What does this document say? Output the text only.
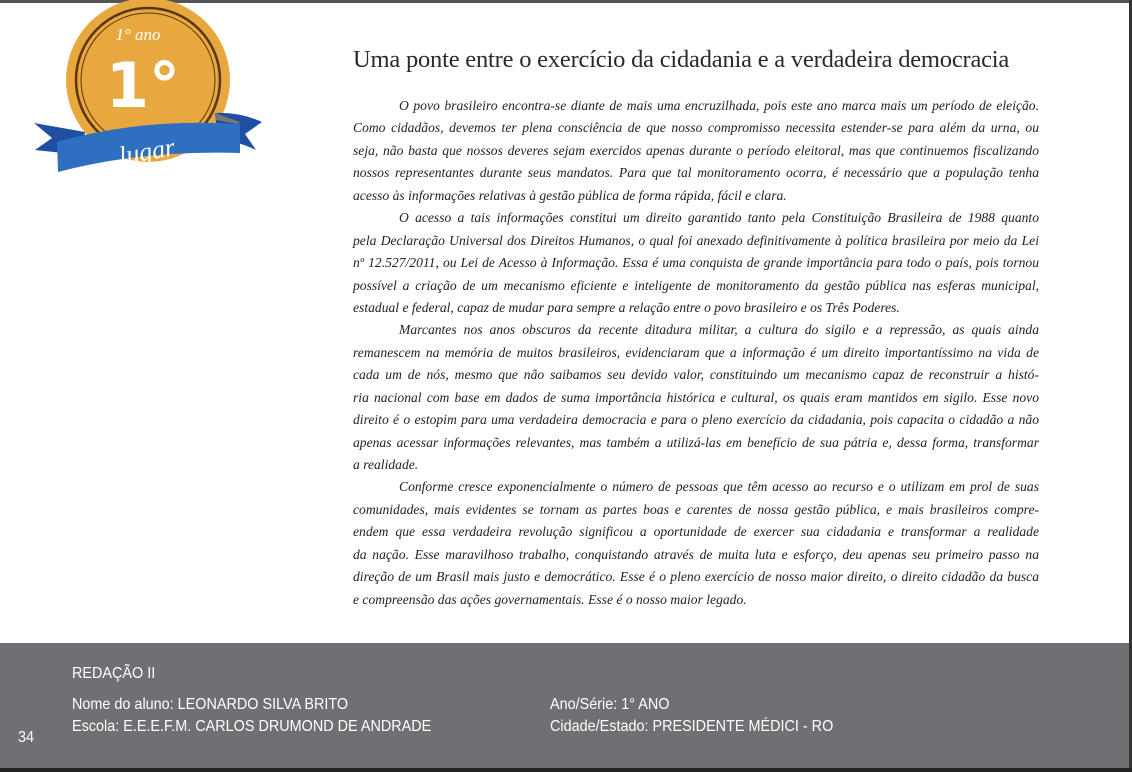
1° ano
1°
lugar
Uma ponte entre o exercício da cidadania e a verdadeira democracia
O povo brasileiro encontra-se diante de mais uma encruzilhada, pois este ano marca mais um período de eleição.
Como cidadãos, devemos ter plena consciência de que nosso compromisso necessita estender-se para além da urna, ou
seja, não basta que nossos deveres sejam exercidos apenas durante o período eleitoral, mas que continuemos fiscalizando
nossos representantes durante seus mandatos. Para que tal monitoramento ocorra, é necessário que a população tenha
acesso às informações relativas à gestão pública de forma rápida, fácil e clara.
O acesso a tais informações constitui um direito garantido tanto pela Constituição Brasileira de 1988 quanto
pela Declaração Universal dos Direitos Humanos, o qual foi anexado definitivamente à política brasileira por meio da Lei
nº 12.527/2011, ou Lei de Acesso à Informação. Essa é uma conquista de grande importância para todo o país, pois tornou
possível a criação de um mecanismo eficiente e inteligente de monitoramento da gestão pública nas esferas municipal,
estadual e federal, capaz de mudar para sempre a relação entre o povo brasileiro e os Três Poderes.
Marcantes nos anos obscuros da recente ditadura militar, a cultura do sigilo e a repressão, as quais ainda
remanescem na memória de muitos brasileiros, evidenciaram que a informação é um direito importantíssimo na vida de
cada um de nós, mesmo que não saibamos seu devido valor, constituindo um mecanismo capaz de reconstruir a histó-
ria nacional com base em dados de suma importância histórica e cultural, os quais eram mantidos em sigilo. Esse novo
direito é o estopim para uma verdadeira democracia e para o pleno exercício da cidadania, pois capacita o cidadão a não
apenas acessar informações relevantes, mas também a utilizá-las em benefício de sua pátria e, dessa forma, transformar
a realidade.
Conforme cresce exponencialmente o número de pessoas que têm acesso ao recurso e o utilizam em prol de suas
comunidades, mais evidentes se tornam as partes boas e carentes de nossa gestão pública, e mais brasileiros compre-
endem que essa verdadeira revolução significou a oportunidade de exercer sua cidadania e transformar a realidade
da nação. Esse maravilhoso trabalho, conquistando através de muita luta e esforço, deu apenas seu primeiro passo na
direção de um Brasil mais justo e democrático. Esse é o pleno exercício de nosso maior direito, o direito cidadão da busca
e compreensão das ações governamentais. Esse é o nosso maior legado.
REDAÇÃO II
Nome do aluno: LEONARDO SILVA BRITO
Escola: E.E.E.F.M. CARLOS DRUMOND DE ANDRADE
Ano/Série: 1° ANO
Cidade/Estado: PRESIDENTE MÉDICI - RO
34
